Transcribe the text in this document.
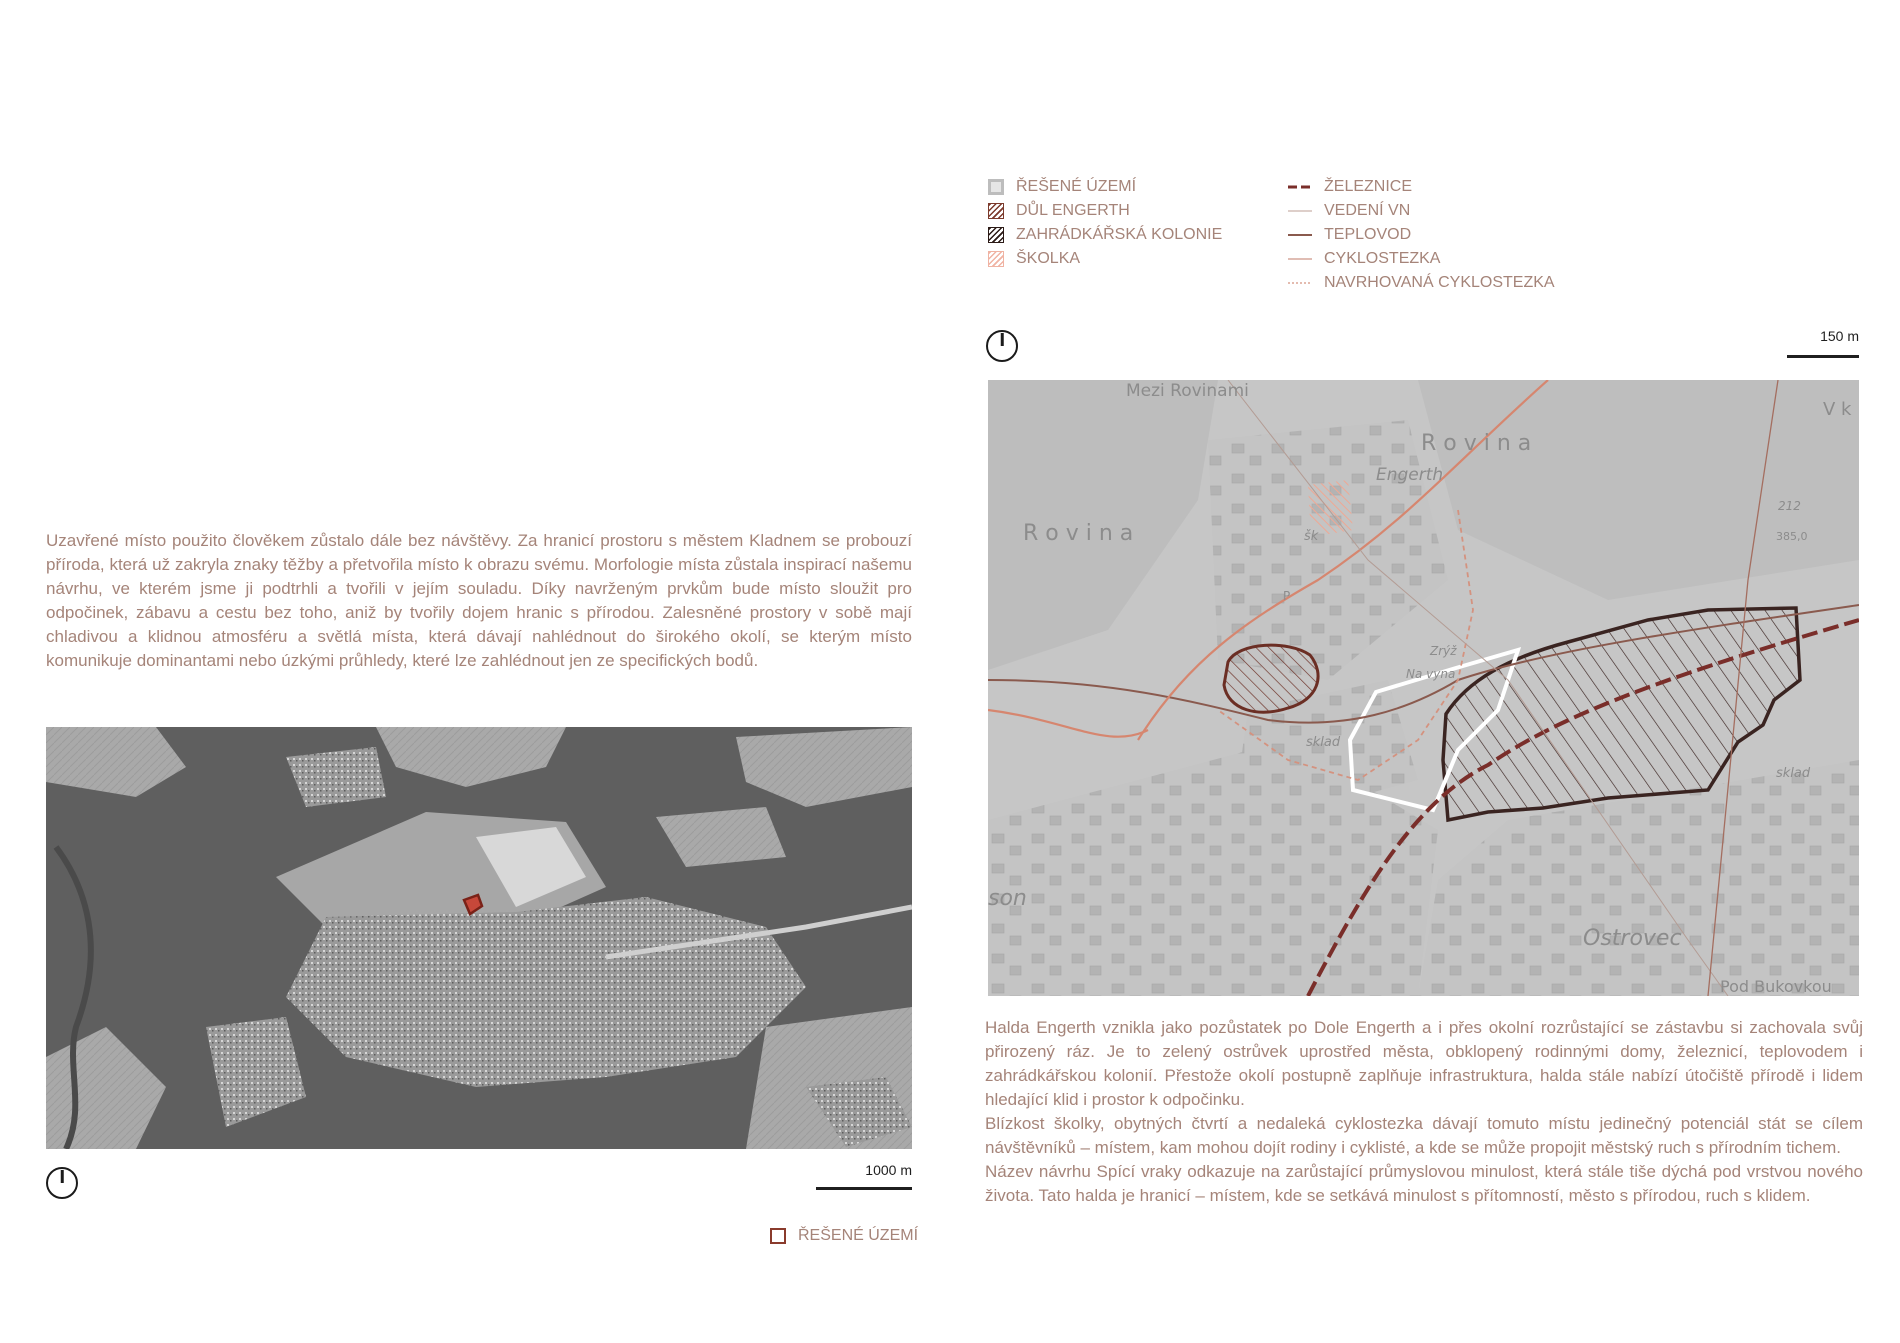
Uzavřené místo použito člověkem zůstalo dále bez návštěvy. Za hranicí prostoru s městem Kladnem se probouzí příroda, která už zakryla znaky těžby a přetvořila místo k obrazu svému. Morfologie místa zůstala inspirací našemu návrhu, ve kterém jsme ji podtrhli a tvořili v jejím souladu. Díky navrženým prvkům bude místo sloužit pro odpočinek, zábavu a cestu bez toho, aniž by tvořily dojem hranic s přírodou. Zalesněné prostory v sobě mají chladivou a klidnou atmosféru a světlá místa, která dávají nahlédnout do širokého okolí, se kterým místo komunikuje dominantami nebo úzkými průhledy, které lze zahlédnout jen ze specifických bodů.

1000 m
ŘEŠENÉ ÚZEMÍ
ŘEŠENÉ ÚZEMÍ
DŮL ENGERTH
ZAHRÁDKÁŘSKÁ KOLONIE
ŠKOLKA
ŽELEZNICE
VEDENÍ VN
TEPLOVOD
CYKLOSTEZKA
NAVRHOVANÁ CYKLOSTEZKA
150 m
Mezi Rovinami
R o v i n a
R o v i n a
Engerth
V k
212
385,0
šk
P
sklad
sklad
Zrýž
Na vyna
son
Ostrovec
Pod Bukovkou

Halda Engerth vznikla jako pozůstatek po Dole Engerth a i přes okolní rozrůstající se zástavbu si zachovala svůj přirozený ráz. Je to zelený ostrůvek uprostřed města, obklopený rodinnými domy, železnicí, teplovodem i zahrádkářskou kolonií. Přestože okolí postupně zaplňuje infrastruktura, halda stále nabízí útočiště přírodě i lidem hledající klid i prostor k odpočinku.

Blízkost školky, obytných čtvrtí a nedaleká cyklostezka dávají tomuto místu jedinečný potenciál stát se cílem návštěvníků – místem, kam mohou dojít rodiny i cyklisté, a kde se může propojit městský ruch s přírodním tichem.

Název návrhu Spící vraky odkazuje na zarůstající průmyslovou minulost, která stále tiše dýchá pod vrstvou nového života. Tato halda je hranicí – místem, kde se setkává minulost s přítomností, město s přírodou, ruch s klidem.
